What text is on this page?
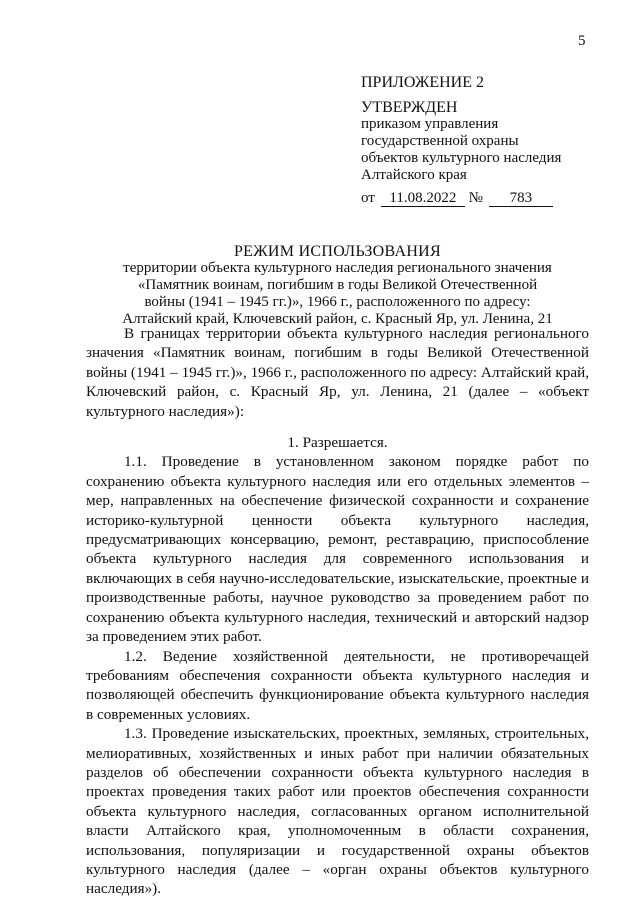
5
ПРИЛОЖЕНИЕ 2
УТВЕРЖДЕН
приказом управления
государственной охраны
объектов культурного наследия
Алтайского края
от 11.08.2022 № 783
РЕЖИМ ИСПОЛЬЗОВАНИЯ
территории объекта культурного наследия регионального значения
«Памятник воинам, погибшим в годы Великой Отечественной
войны (1941 – 1945 гг.)», 1966 г., расположенного по адресу:
Алтайский край, Ключевский район, с. Красный Яр, ул. Ленина, 21

В границах территории объекта культурного наследия регионального значения «Памятник воинам, погибшим в годы Великой Отечественной войны (1941 – 1945 гг.)», 1966 г., расположенного по адресу: Алтайский край, Ключевский район, с. Красный Яр, ул. Ленина, 21 (далее – «объект культурного наследия»):

1. Разрешается.

1.1. Проведение в установленном законом порядке работ по сохранению объекта культурного наследия или его отдельных элементов – мер, направленных на обеспечение физической сохранности и сохранение историко-культурной ценности объекта культурного наследия, предусматривающих консервацию, ремонт, реставрацию, приспособление объекта культурного наследия для современного использования и включающих в себя научно-исследовательские, изыскательские, проектные и производственные работы, научное руководство за проведением работ по сохранению объекта культурного наследия, технический и авторский надзор за проведением этих работ.

1.2. Ведение хозяйственной деятельности, не противоречащей требованиям обеспечения сохранности объекта культурного наследия и позволяющей обеспечить функционирование объекта культурного наследия в современных условиях.

1.3. Проведение изыскательских, проектных, земляных, строительных, мелиоративных, хозяйственных и иных работ при наличии обязательных разделов об обеспечении сохранности объекта культурного наследия в проектах проведения таких работ или проектов обеспечения сохранности объекта культурного наследия, согласованных органом исполнительной власти Алтайского края, уполномоченным в области сохранения, использования, популяризации и государственной охраны объектов культурного наследия (далее – «орган охраны объектов культурного наследия»).
